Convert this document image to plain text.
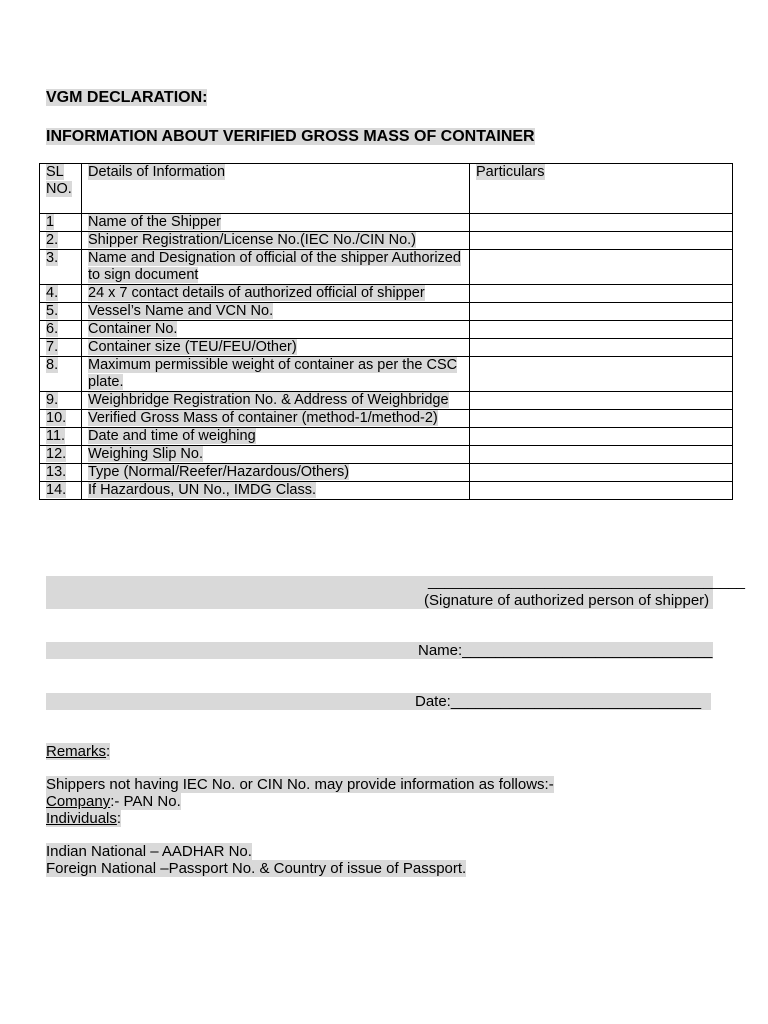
VGM DECLARATION:
INFORMATION ABOUT VERIFIED GROSS MASS OF CONTAINER
SL NO.	Details of Information	Particulars
1	Name of the Shipper	
2.	Shipper Registration/License No.(IEC No./CIN No.)	
3.	Name and Designation of official of the shipper Authorized to sign document	
4.	24 x 7 contact details of authorized official of shipper	
5.	Vessel’s Name and VCN No.	
6.	Container No.	
7.	Container size (TEU/FEU/Other)	
8.	Maximum permissible weight of container as per the CSC plate.	
9.	Weighbridge Registration No. & Address of Weighbridge	
10.	Verified Gross Mass of container (method-1/method-2)	
11.	Date and time of weighing	
12.	Weighing Slip No.	
13.	Type (Normal/Reefer/Hazardous/Others)	
14.	If Hazardous, UN No., IMDG Class.	
______________________________________
(Signature of authorized person of shipper)
Name:______________________________
Date:______________________________
Remarks:
Shippers not having IEC No. or CIN No. may provide information as follows:-
Company:- PAN No.
Individuals:
Indian National – AADHAR No.
Foreign National –Passport No. & Country of issue of Passport.
